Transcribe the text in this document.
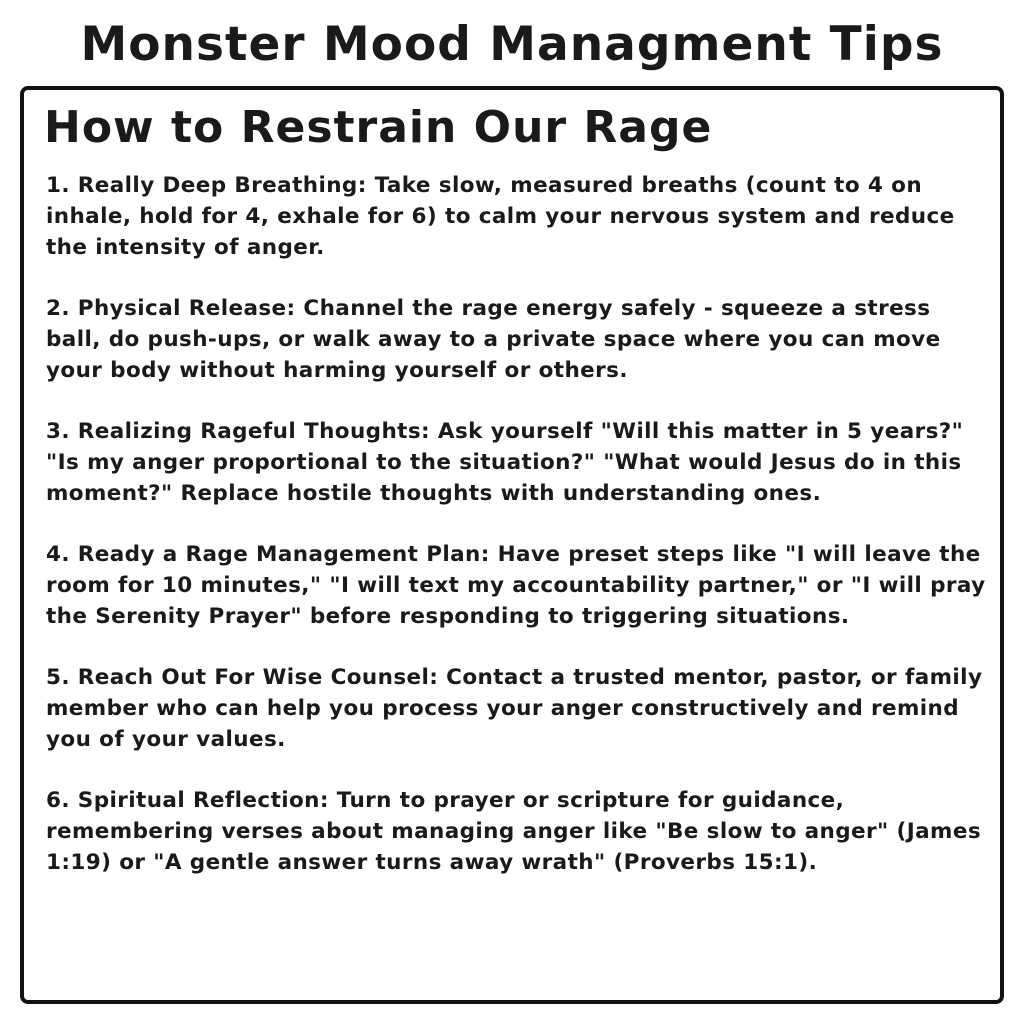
Monster Mood Managment Tips
How to Restrain Our Rage

1. Really Deep Breathing: Take slow, measured breaths (count to 4 on inhale, hold for 4, exhale for 6) to calm your nervous system and reduce the intensity of anger.

2. Physical Release: Channel the rage energy safely - squeeze a stress ball, do push-ups, or walk away to a private space where you can move your body without harming yourself or others.

3. Realizing Rageful Thoughts: Ask yourself "Will this matter in 5 years?" "Is my anger proportional to the situation?" "What would Jesus do in this moment?" Replace hostile thoughts with understanding ones.

4. Ready a Rage Management Plan: Have preset steps like "I will leave the room for 10 minutes," "I will text my accountability partner," or "I will pray the Serenity Prayer" before responding to triggering situations.

5. Reach Out For Wise Counsel: Contact a trusted mentor, pastor, or family member who can help you process your anger constructively and remind you of your values.

6. Spiritual Reflection: Turn to prayer or scripture for guidance, remembering verses about managing anger like "Be slow to anger" (James 1:19) or "A gentle answer turns away wrath" (Proverbs 15:1).
